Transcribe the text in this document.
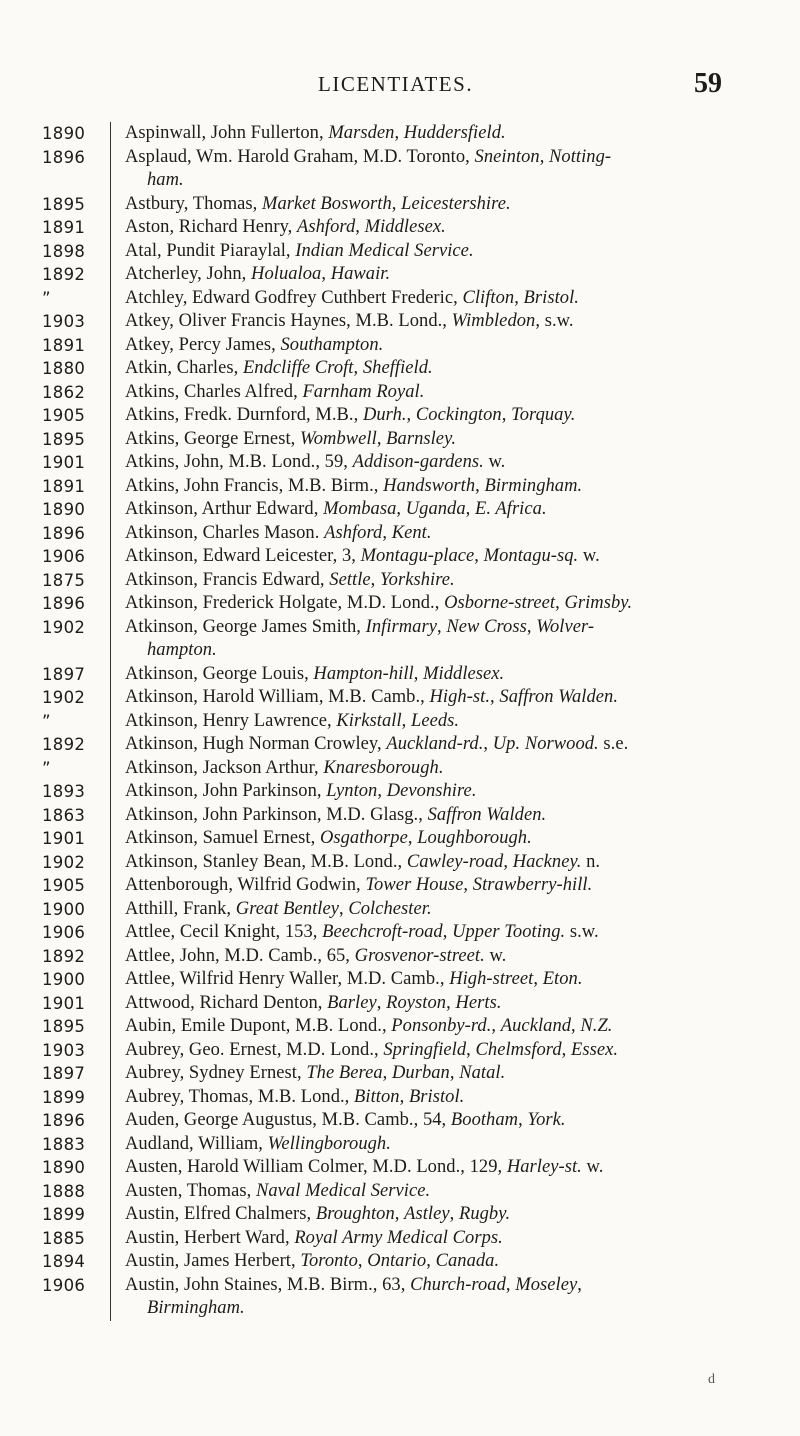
LICENTIATES.	59
1890	Aspinwall, John Fullerton, Marsden, Huddersfield.
1896	Asplaud, Wm. Harold Graham, M.D. Toronto, Sneinton, Notting-
ham.
1895	Astbury, Thomas, Market Bosworth, Leicestershire.
1891	Aston, Richard Henry, Ashford, Middlesex.
1898	Atal, Pundit Piaraylal, Indian Medical Service.
1892	Atcherley, John, Holualoa, Hawair.
”	Atchley, Edward Godfrey Cuthbert Frederic, Clifton, Bristol.
1903	Atkey, Oliver Francis Haynes, M.B. Lond., Wimbledon, s.w.
1891	Atkey, Percy James, Southampton.
1880	Atkin, Charles, Endcliffe Croft, Sheffield.
1862	Atkins, Charles Alfred, Farnham Royal.
1905	Atkins, Fredk. Durnford, M.B., Durh., Cockington, Torquay.
1895	Atkins, George Ernest, Wombwell, Barnsley.
1901	Atkins, John, M.B. Lond., 59, Addison-gardens. w.
1891	Atkins, John Francis, M.B. Birm., Handsworth, Birmingham.
1890	Atkinson, Arthur Edward, Mombasa, Uganda, E. Africa.
1896	Atkinson, Charles Mason. Ashford, Kent.
1906	Atkinson, Edward Leicester, 3, Montagu-place, Montagu-sq. w.
1875	Atkinson, Francis Edward, Settle, Yorkshire.
1896	Atkinson, Frederick Holgate, M.D. Lond., Osborne-street, Grimsby.
1902	Atkinson, George James Smith, Infirmary, New Cross, Wolver-
hampton.
1897	Atkinson, George Louis, Hampton-hill, Middlesex.
1902	Atkinson, Harold William, M.B. Camb., High-st., Saffron Walden.
”	Atkinson, Henry Lawrence, Kirkstall, Leeds.
1892	Atkinson, Hugh Norman Crowley, Auckland-rd., Up. Norwood. s.e.
”	Atkinson, Jackson Arthur, Knaresborough.
1893	Atkinson, John Parkinson, Lynton, Devonshire.
1863	Atkinson, John Parkinson, M.D. Glasg., Saffron Walden.
1901	Atkinson, Samuel Ernest, Osgathorpe, Loughborough.
1902	Atkinson, Stanley Bean, M.B. Lond., Cawley-road, Hackney. n.
1905	Attenborough, Wilfrid Godwin, Tower House, Strawberry-hill.
1900	Atthill, Frank, Great Bentley, Colchester.
1906	Attlee, Cecil Knight, 153, Beechcroft-road, Upper Tooting. s.w.
1892	Attlee, John, M.D. Camb., 65, Grosvenor-street. w.
1900	Attlee, Wilfrid Henry Waller, M.D. Camb., High-street, Eton.
1901	Attwood, Richard Denton, Barley, Royston, Herts.
1895	Aubin, Emile Dupont, M.B. Lond., Ponsonby-rd., Auckland, N.Z.
1903	Aubrey, Geo. Ernest, M.D. Lond., Springfield, Chelmsford, Essex.
1897	Aubrey, Sydney Ernest, The Berea, Durban, Natal.
1899	Aubrey, Thomas, M.B. Lond., Bitton, Bristol.
1896	Auden, George Augustus, M.B. Camb., 54, Bootham, York.
1883	Audland, William, Wellingborough.
1890	Austen, Harold William Colmer, M.D. Lond., 129, Harley-st. w.
1888	Austen, Thomas, Naval Medical Service.
1899	Austin, Elfred Chalmers, Broughton, Astley, Rugby.
1885	Austin, Herbert Ward, Royal Army Medical Corps.
1894	Austin, James Herbert, Toronto, Ontario, Canada.
1906	Austin, John Staines, M.B. Birm., 63, Church-road, Moseley,
Birmingham.
d
